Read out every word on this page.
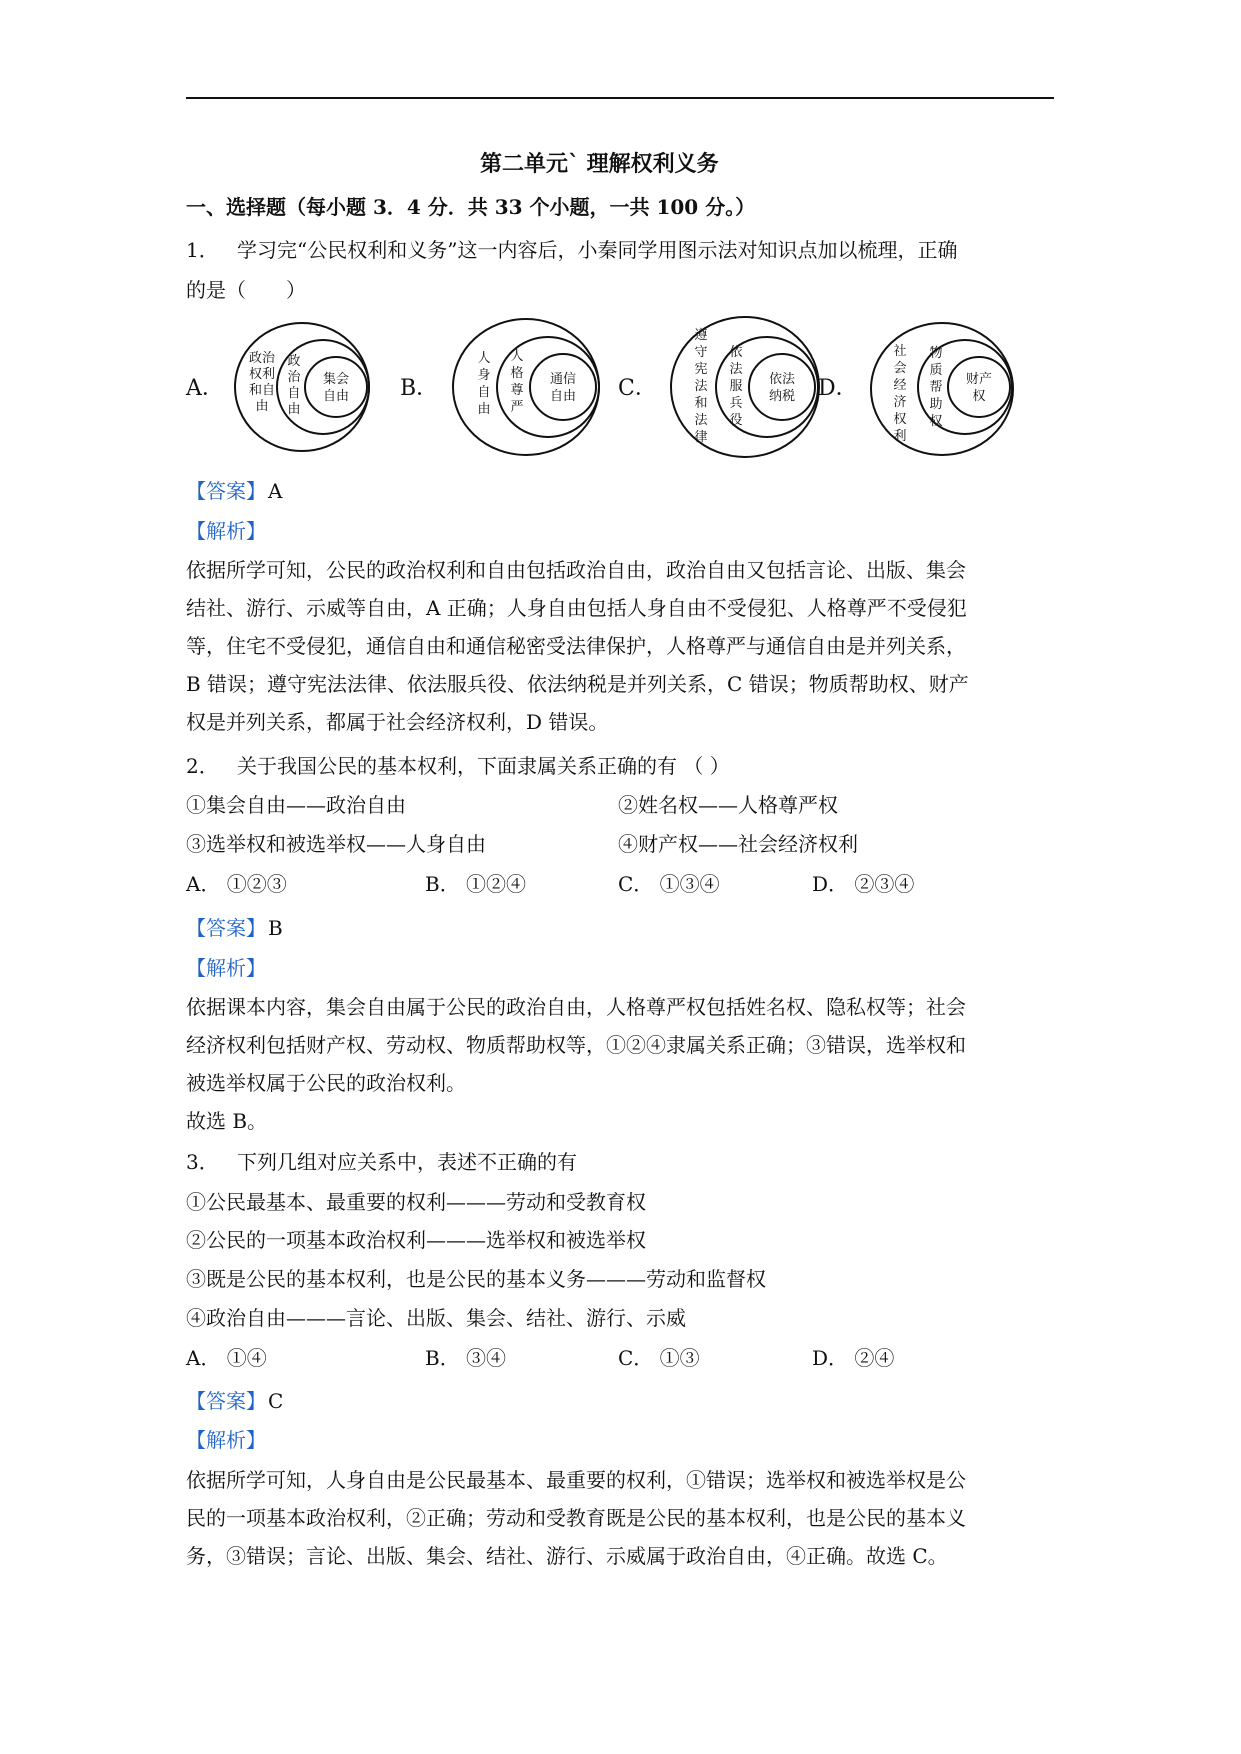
第二单元` 理解权利义务
一、选择题（每小题 3．4 分．共 33 个小题，一共 100 分。）
1． 学习完“公民权利和义务”这一内容后，小秦同学用图示法对知识点加以梳理，正确
的是（　　）
A．
政治
权利
和自
由
政
治
自
由
集会
自由 B．
人
身
自
由
人
格
尊
严
通信
自由 C．
遵
守
宪
法
和
法
律
依
法
服
兵
役
依法
纳税 D．
社
会
经
济
权
利
物
质
帮
助
权
财产
权
【答案】 A
【解析】
依据所学可知，公民的政治权利和自由包括政治自由，政治自由又包括言论、出版、集会
结社、游行、示威等自由，A 正确；人身自由包括人身自由不受侵犯、人格尊严不受侵犯
等，住宅不受侵犯，通信自由和通信秘密受法律保护，人格尊严与通信自由是并列关系，
B 错误；遵守宪法法律、依法服兵役、依法纳税是并列关系，C 错误；物质帮助权、财产
权是并列关系，都属于社会经济权利，D 错误。
2． 关于我国公民的基本权利，下面隶属关系正确的有 （ ）
①集会自由——政治自由	②姓名权——人格尊严权
③选举权和被选举权——人身自由	④财产权——社会经济权利
A． ①②③	B． ①②④	C． ①③④	D． ②③④
【答案】 B
【解析】
依据课本内容，集会自由属于公民的政治自由，人格尊严权包括姓名权、隐私权等；社会
经济权利包括财产权、劳动权、物质帮助权等，①②④隶属关系正确；③错误，选举权和
被选举权属于公民的政治权利。
故选 B。
3． 下列几组对应关系中，表述不正确的有
①公民最基本、最重要的权利———劳动和受教育权
②公民的一项基本政治权利———选举权和被选举权
③既是公民的基本权利，也是公民的基本义务———劳动和监督权
④政治自由———言论、出版、集会、结社、游行、示威
A． ①④	B． ③④	C． ①③	D． ②④
【答案】 C
【解析】
依据所学可知，人身自由是公民最基本、最重要的权利，①错误；选举权和被选举权是公
民的一项基本政治权利，②正确；劳动和受教育既是公民的基本权利，也是公民的基本义
务，③错误；言论、出版、集会、结社、游行、示威属于政治自由，④正确。故选 C。
